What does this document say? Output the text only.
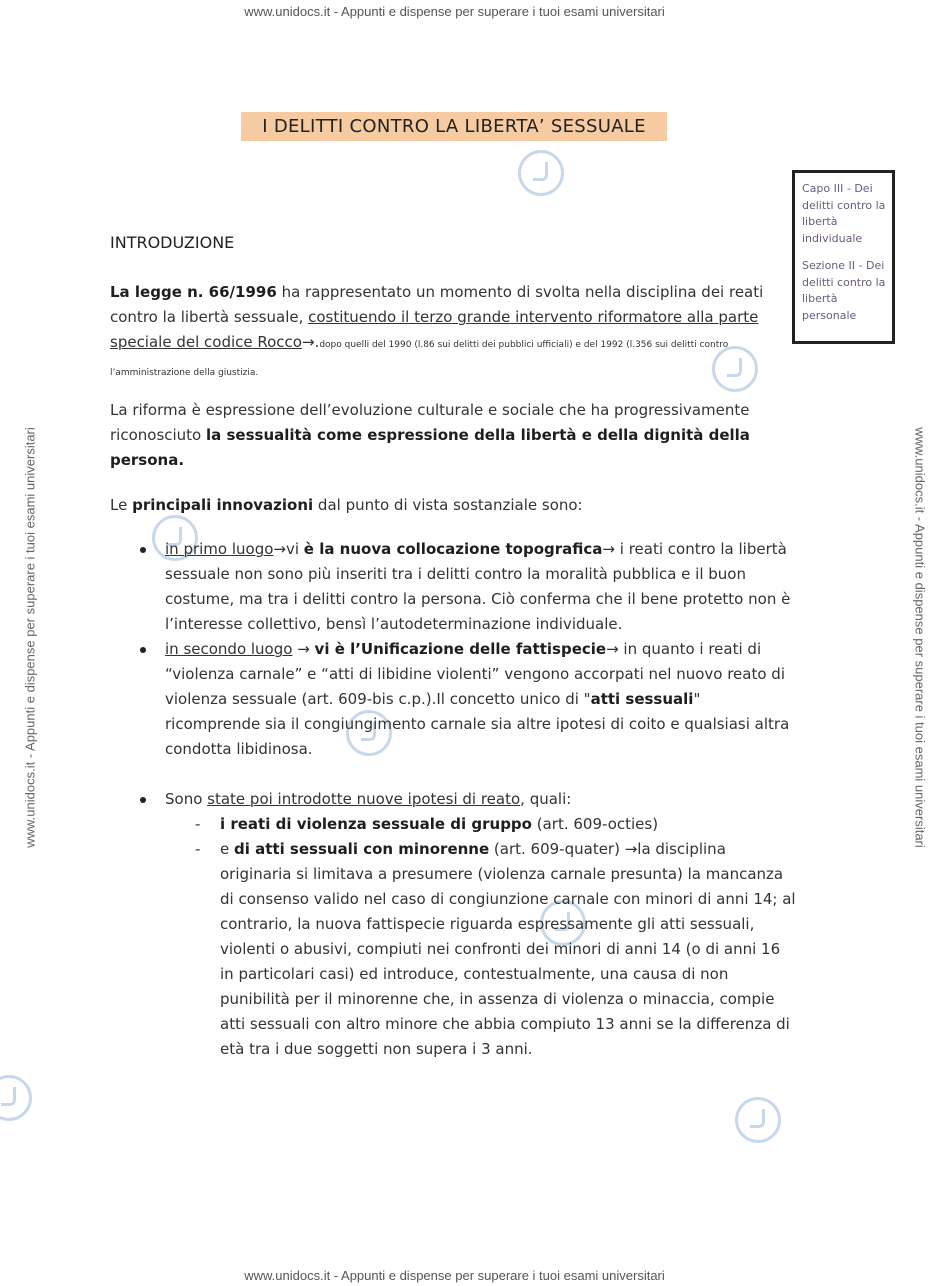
www.unidocs.it - Appunti e dispense per superare i tuoi esami universitari
www.unidocs.it - Appunti e dispense per superare i tuoi esami universitari
www.unidocs.it - Appunti e dispense per superare i tuoi esami universitari	www.unidocs.it - Appunti e dispense per superare i tuoi esami universitari
I DELITTI CONTRO LA LIBERTA’ SESSUALE

Capo III - Dei delitti contro la libertà individuale

Sezione II - Dei delitti contro la libertà personale

INTRODUZIONE
La legge n. 66/1996 ha rappresentato un momento di svolta nella disciplina dei reati contro la libertà sessuale, costituendo il terzo grande intervento riformatore alla parte speciale del codice Rocco→.dopo quelli del 1990 (l.86 sui delitti dei pubblici ufficiali) e del 1992 (l.356 sui delitti contro l’amministrazione della giustizia.
La riforma è espressione dell’evoluzione culturale e sociale che ha progressivamente riconosciuto la sessualità come espressione della libertà e della dignità della persona.
Le principali innovazioni dal punto di vista sostanziale sono:
in primo luogo→vi è la nuova collocazione topografica→ i reati contro la libertà sessuale non sono più inseriti tra i delitti contro la moralità pubblica e il buon costume, ma tra i delitti contro la persona. Ciò conferma che il bene protetto non è l’interesse collettivo, bensì l’autodeterminazione individuale.
in secondo luogo → vi è l’Unificazione delle fattispecie→ in quanto i reati di “violenza carnale” e “atti di libidine violenti” vengono accorpati nel nuovo reato di violenza sessuale (art. 609-bis c.p.).Il concetto unico di "atti sessuali" ricomprende sia il congiungimento carnale sia altre ipotesi di coito e qualsiasi altra condotta libidinosa.
Sono state poi introdotte nuove ipotesi di reato, quali:
- i reati di violenza sessuale di gruppo (art. 609-octies)
- e di atti sessuali con minorenne (art. 609-quater) →la disciplina originaria si limitava a presumere (violenza carnale presunta) la mancanza di consenso valido nel caso di congiunzione carnale con minori di anni 14; al contrario, la nuova fattispecie riguarda espressamente gli atti sessuali, violenti o abusivi, compiuti nei confronti dei minori di anni 14 (o di anni 16 in particolari casi) ed introduce, contestualmente, una causa di non punibilità per il minorenne che, in assenza di violenza o minaccia, compie atti sessuali con altro minore che abbia compiuto 13 anni se la differenza di età tra i due soggetti non supera i 3 anni.
